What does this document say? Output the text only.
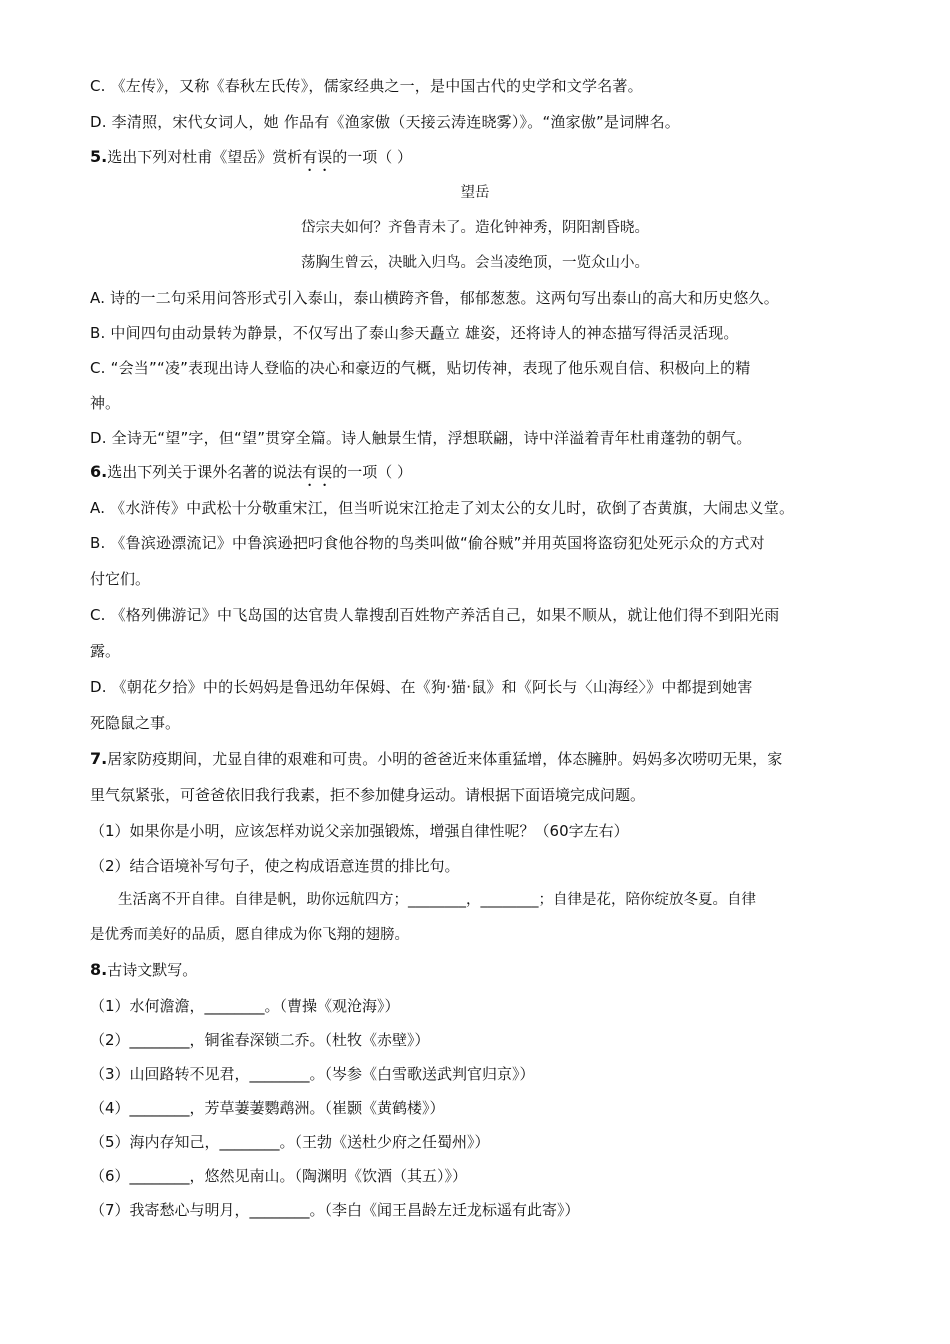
C. 《左传》，又称《春秋左氏传》，儒家经典之一，是中国古代的史学和文学名著。
D. 李清照，宋代女词人，她 作品有《渔家傲（天接云涛连晓雾）》。“渔家傲”是词牌名。
5.选出下列对杜甫《望岳》赏析有误的一项（ ）
望岳
岱宗夫如何？齐鲁青未了。造化钟神秀，阴阳割昏晓。
荡胸生曾云，决眦入归鸟。会当凌绝顶，一览众山小。
A. 诗的一二句采用问答形式引入泰山，泰山横跨齐鲁，郁郁葱葱。这两句写出泰山的高大和历史悠久。
B. 中间四句由动景转为静景，不仅写出了泰山参天矗立 雄姿，还将诗人的神态描写得活灵活现。
C. “会当”“凌”表现出诗人登临的决心和豪迈的气概，贴切传神，表现了他乐观自信、积极向上的精
神。
D. 全诗无“望”字，但“望”贯穿全篇。诗人触景生情，浮想联翩，诗中洋溢着青年杜甫蓬勃的朝气。
6.选出下列关于课外名著的说法有误的一项（ ）
A. 《水浒传》中武松十分敬重宋江，但当听说宋江抢走了刘太公的女儿时，砍倒了杏黄旗，大闹忠义堂。
B. 《鲁滨逊漂流记》中鲁滨逊把叼食他谷物的鸟类叫做“偷谷贼”并用英国将盗窃犯处死示众的方式对
付它们。
C. 《格列佛游记》中飞岛国的达官贵人靠搜刮百姓物产养活自己，如果不顺从，就让他们得不到阳光雨
露。
D. 《朝花夕拾》中的长妈妈是鲁迅幼年保姆、在《狗·猫·鼠》和《阿长与〈山海经〉》中都提到她害
死隐鼠之事。
7.居家防疫期间，尤显自律的艰难和可贵。小明的爸爸近来体重猛增，体态臃肿。妈妈多次唠叨无果，家
里气氛紧张，可爸爸依旧我行我素，拒不参加健身运动。请根据下面语境完成问题。
（1）如果你是小明，应该怎样劝说父亲加强锻炼，增强自律性呢？（60字左右）
（2）结合语境补写句子，使之构成语意连贯的排比句。
生活离不开自律。自律是帆，助你远航四方；________，________；自律是花，陪你绽放冬夏。自律
是优秀而美好的品质，愿自律成为你飞翔的翅膀。
8.古诗文默写。
（1）水何澹澹，________。（曹操《观沧海》）
（2）________，铜雀春深锁二乔。（杜牧《赤壁》）
（3）山回路转不见君，________。（岑参《白雪歌送武判官归京》）
（4）________，芳草萋萋鹦鹉洲。（崔颢《黄鹤楼》）
（5）海内存知己，________。（王勃《送杜少府之任蜀州》）
（6）________，悠然见南山。（陶渊明《饮酒（其五）》）
（7）我寄愁心与明月，________。（李白《闻王昌龄左迁龙标遥有此寄》）
